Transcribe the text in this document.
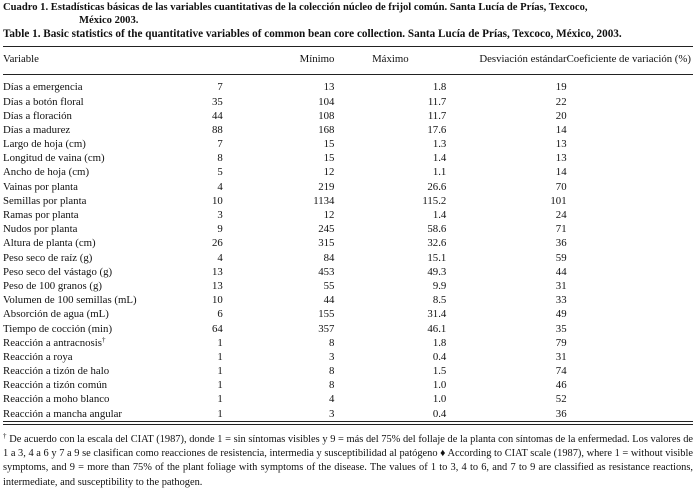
Cuadro 1. Estadísticas básicas de las variables cuantitativas de la colección núcleo de frijol común. Santa Lucía de Prías, Texcoco,
México 2003.
Table 1. Basic statistics of the quantitative variables of common bean core collection. Santa Lucía de Prías, Texcoco, México, 2003.
Variable		Mínimo	Máximo	Desviación estándar	Coeficiente de variación (%)

Días a emergencia	7	13	1.8	19	
Días a botón floral	35	104	11.7	22	
Días a floración	44	108	11.7	20	
Días a madurez	88	168	17.6	14	
Largo de hoja (cm)	7	15	1.3	13	
Longitud de vaina (cm)	8	15	1.4	13	
Ancho de hoja (cm)	5	12	1.1	14	
Vainas por planta	4	219	26.6	70	
Semillas por planta	10	1134	115.2	101	
Ramas por planta	3	12	1.4	24	
Nudos por planta	9	245	58.6	71	
Altura de planta (cm)	26	315	32.6	36	
Peso seco de raíz (g)	4	84	15.1	59	
Peso seco del vástago (g)	13	453	49.3	44	
Peso de 100 granos (g)	13	55	9.9	31	
Volumen de 100 semillas (mL)	10	44	8.5	33	
Absorción de agua (mL)	6	155	31.4	49	
Tiempo de cocción (min)	64	357	46.1	35	
Reacción a antracnosis†	1	8	1.8	79	
Reacción a roya	1	3	0.4	31	
Reacción a tizón de halo	1	8	1.5	74	
Reacción a tizón común	1	8	1.0	46	
Reacción a moho blanco	1	4	1.0	52	
Reacción a mancha angular	1	3	0.4	36	
† De acuerdo con la escala del CIAT (1987), donde 1 = sin síntomas visibles y 9 = más del 75% del follaje de la planta con síntomas de la enfermedad. Los valores de 1 a 3, 4 a 6 y 7 a 9 se clasifican como reacciones de resistencia, intermedia y susceptibilidad al patógeno ♦ According to CIAT scale (1987), where 1 = without visible symptoms, and 9 = more than 75% of the plant foliage with symptoms of the disease. The values of 1 to 3, 4 to 6, and 7 to 9 are classified as resistance reactions, intermediate, and susceptibility to the pathogen.
